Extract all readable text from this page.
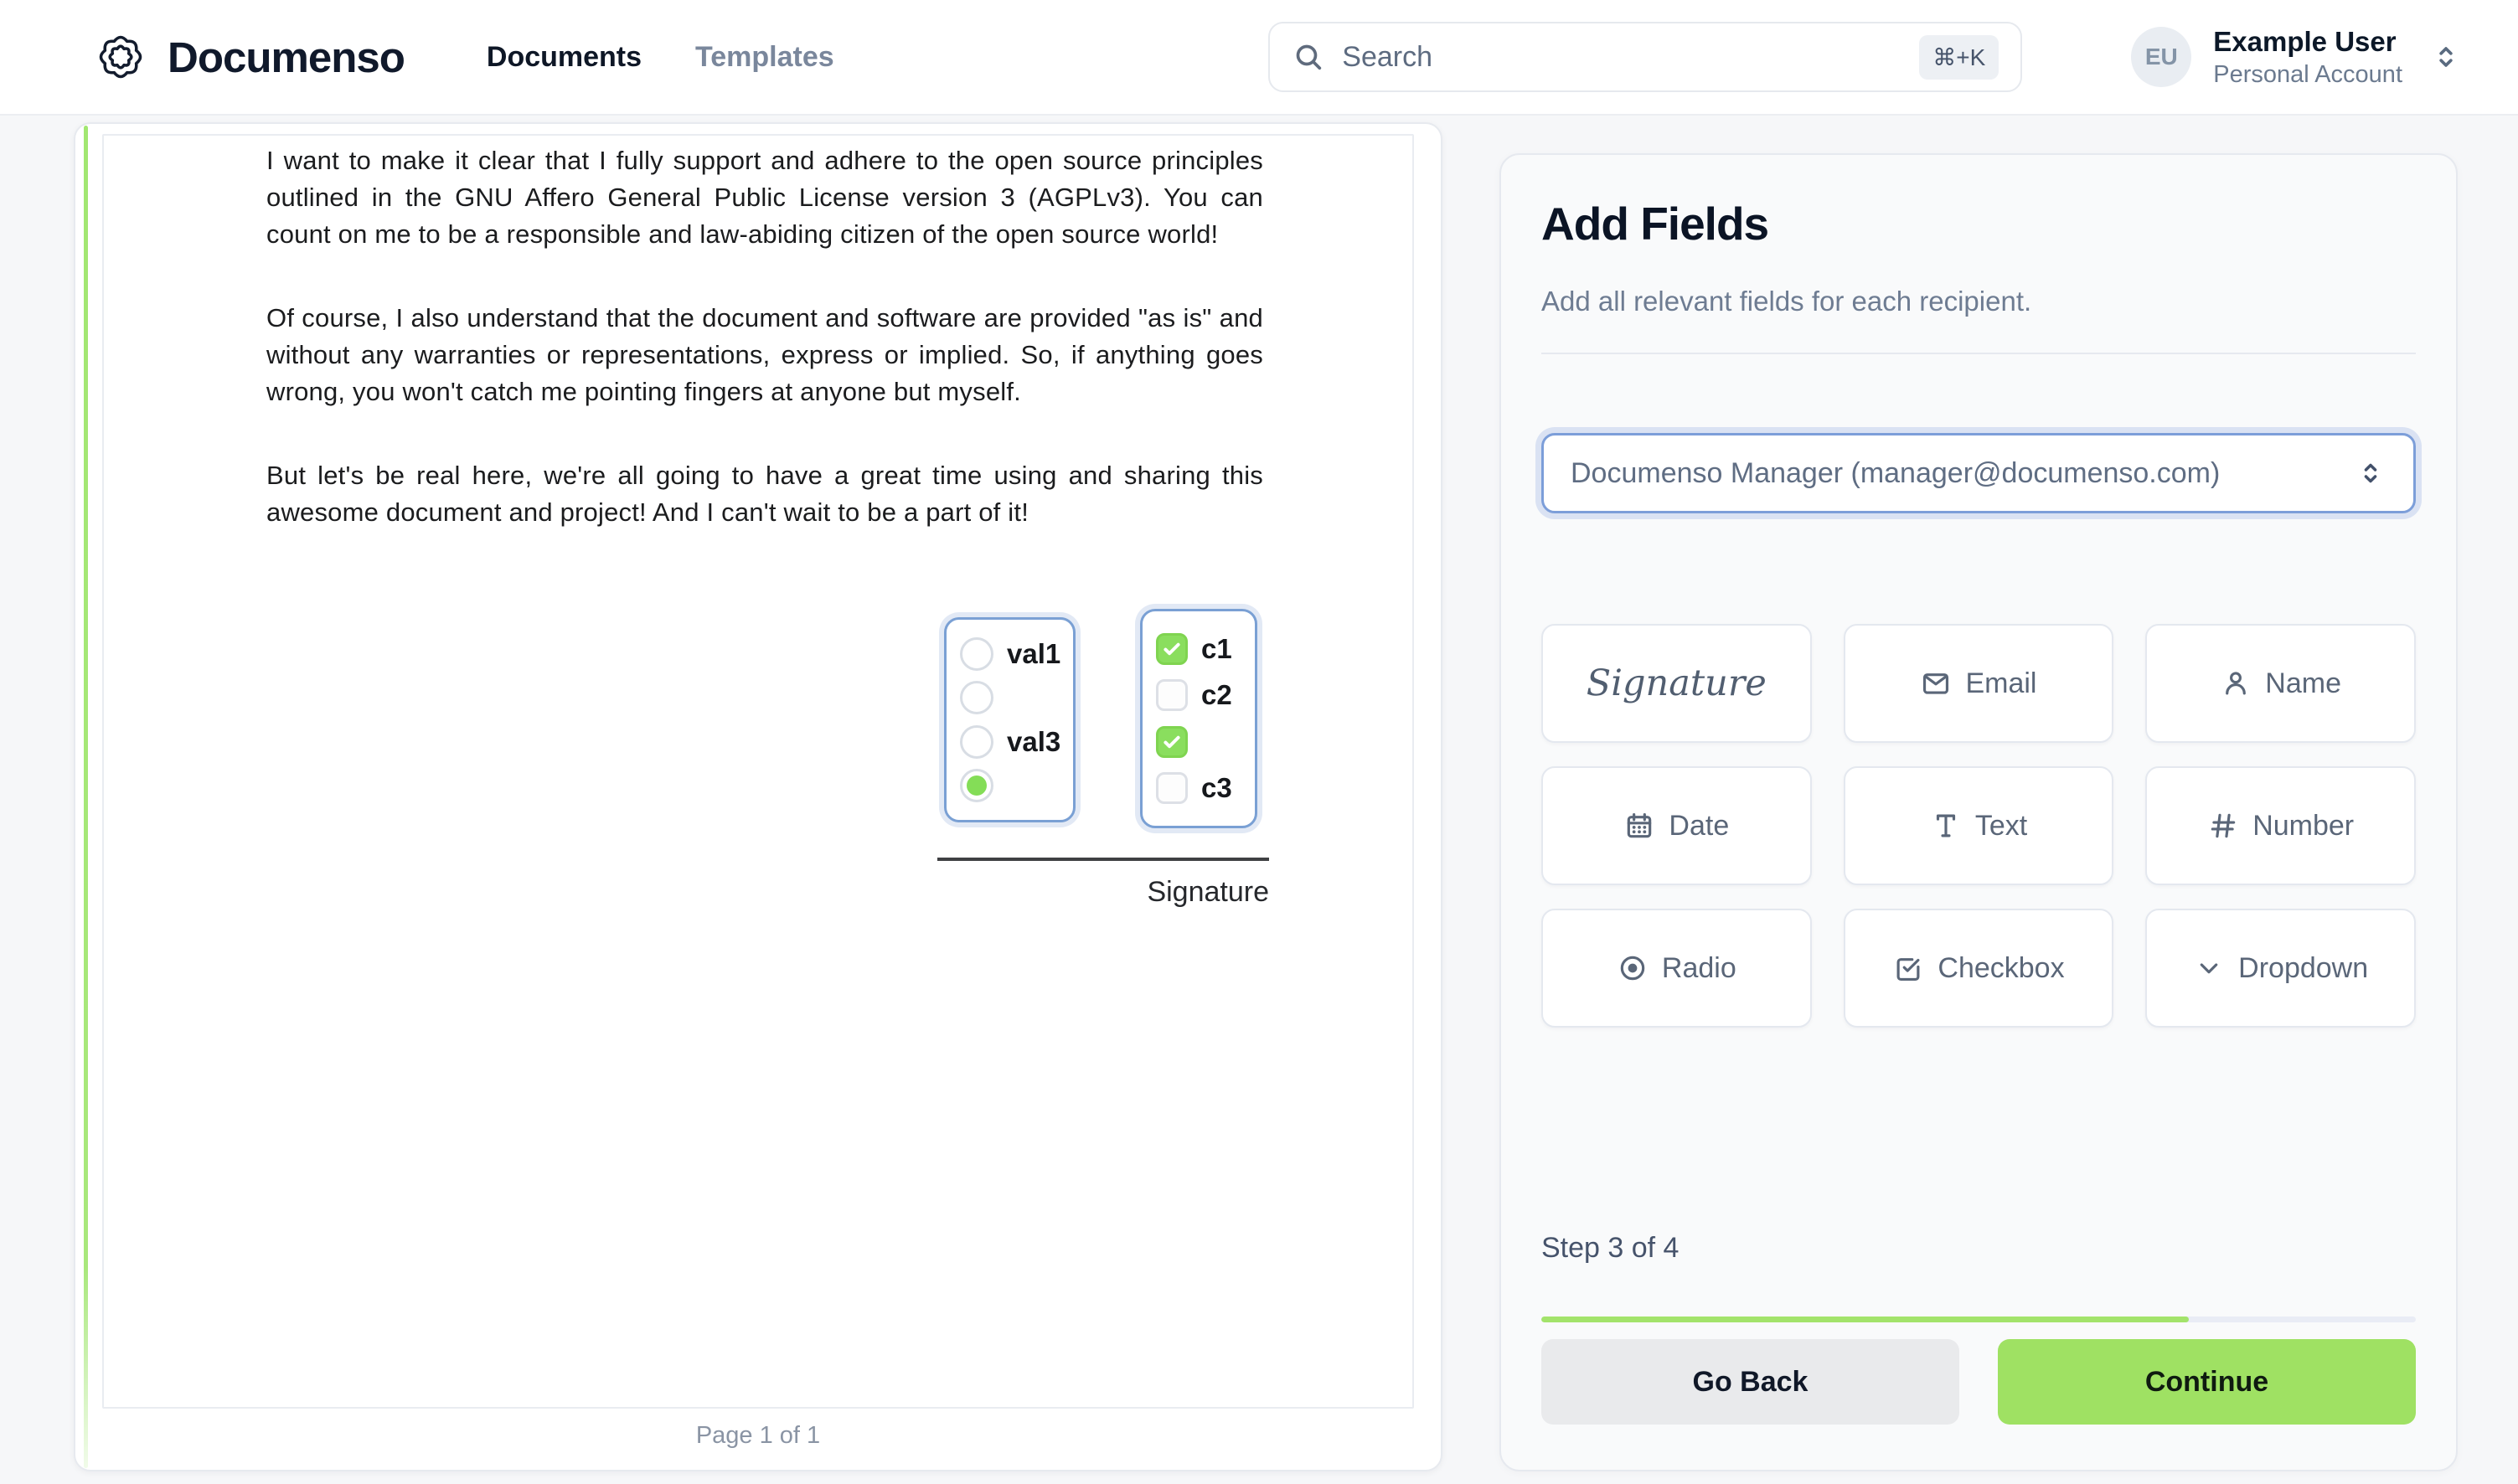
Documenso	Documents Templates	Search	⌘+K	EU	Example User
Personal Account

I want to make it clear that I fully support and adhere to the open source principles outlined in the GNU Affero General Public License version 3 (AGPLv3). You can count on me to be a responsible and law-abiding citizen of the open source world!

Of course, I also understand that the document and software are provided "as is" and without any warranties or representations, express or implied. So, if anything goes wrong, you won't catch me pointing fingers at anyone but myself.

But let's be real here, we're all going to have a great time using and sharing this awesome document and project! And I can't wait to be a part of it!

val1
val3
c1
c2
c3
Signature
Page 1 of 1
Add Fields

Add all relevant fields for each recipient.

Documenso Manager (manager@documenso.com)
Signature	Email	Name
Date	Text	Number
Radio	Checkbox	Dropdown
Step 3 of 4
Go Back	Continue
